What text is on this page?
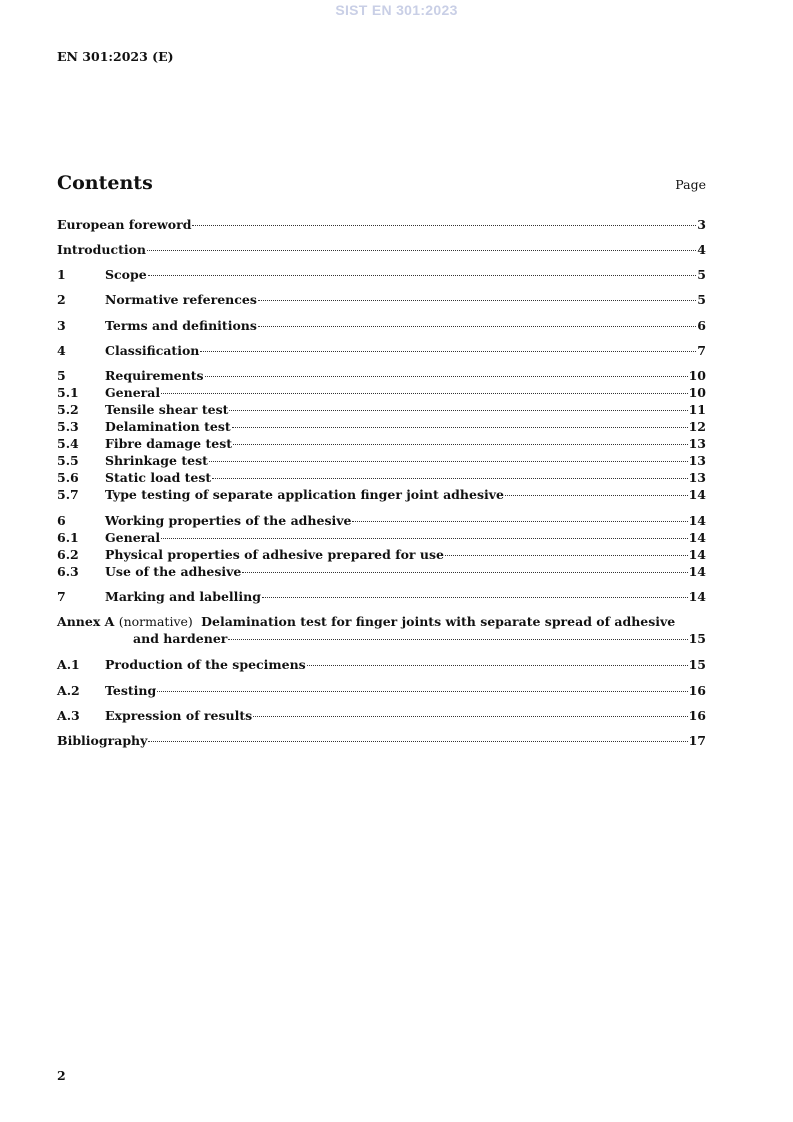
SIST EN 301:2023
EN 301:2023 (E)
Contents	Page
European foreword	3
Introduction	4
1	Scope	5
2	Normative references	5
3	Terms and definitions	6
4	Classification	7
5	Requirements	10
5.1 General	10
5.2 Tensile shear test	11
5.3 Delamination test	12
5.4 Fibre damage test	13
5.5 Shrinkage test	13
5.6 Static load test	13
5.7 Type testing of separate application finger joint adhesive	14
6	Working properties of the adhesive	14
6.1 General	14
6.2 Physical properties of adhesive prepared for use	14
6.3 Use of the adhesive	14
7	Marking and labelling	14
Annex A (normative) Delamination test for finger joints with separate spread of adhesive
and hardener	15
A.1 Production of the specimens	15
A.2 Testing	16
A.3 Expression of results	16
Bibliography	17
2
